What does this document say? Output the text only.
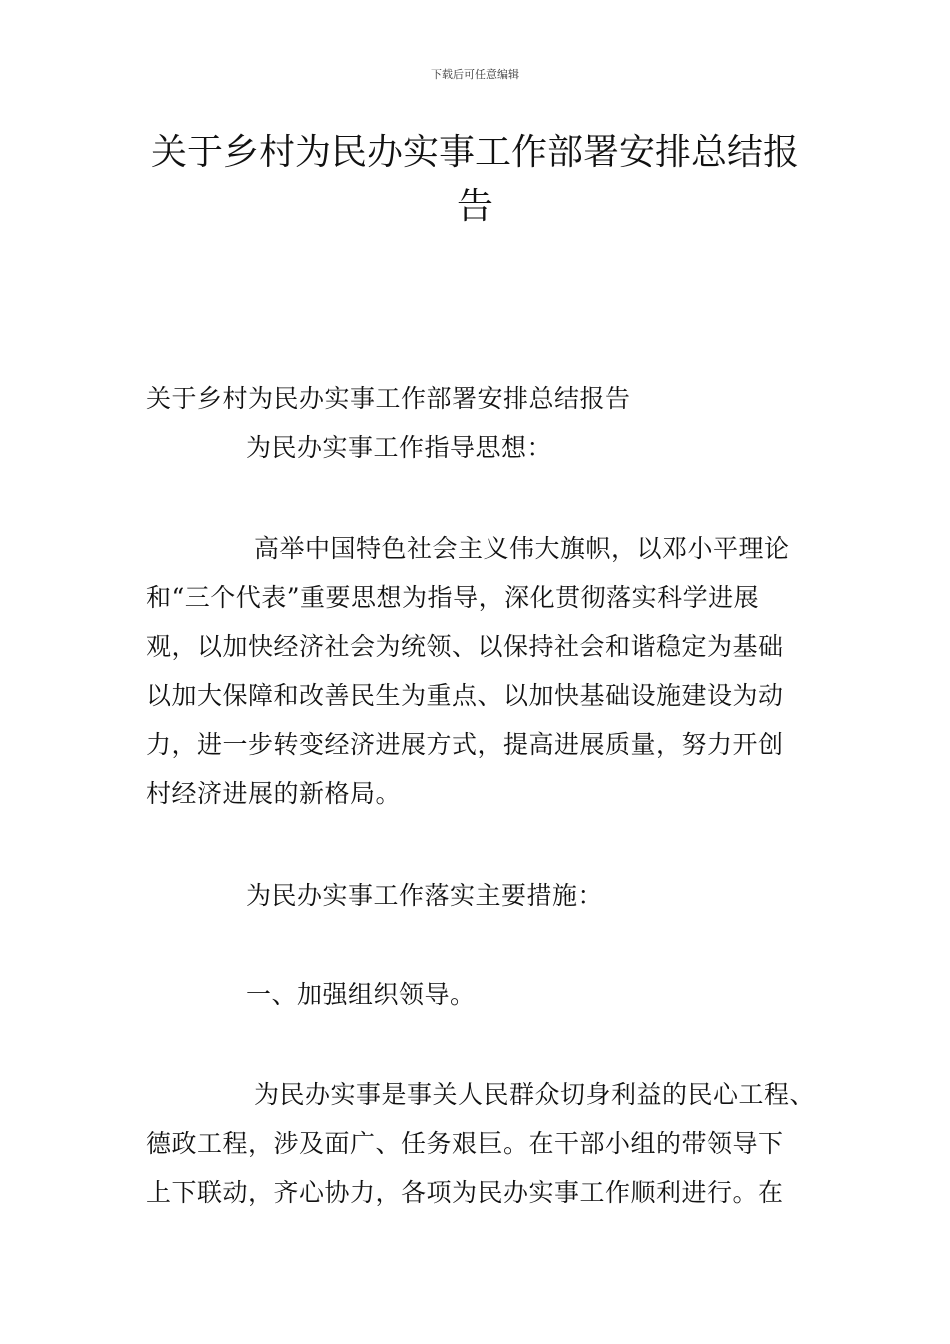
下载后可任意编辑
关于乡村为民办实事工作部署安排总结报
告
关于乡村为民办实事工作部署安排总结报告
为民办实事工作指导思想：
高举中国特色社会主义伟大旗帜，以邓小平理论
和“三个代表”重要思想为指导，深化贯彻落实科学进展
观，以加快经济社会为统领、以保持社会和谐稳定为基础
以加大保障和改善民生为重点、以加快基础设施建设为动
力，进一步转变经济进展方式，提高进展质量，努力开创
村经济进展的新格局。
为民办实事工作落实主要措施：
一、加强组织领导。
为民办实事是事关人民群众切身利益的民心工程、
德政工程，涉及面广、任务艰巨。在干部小组的带领导下
上下联动，齐心协力，各项为民办实事工作顺利进行。在
